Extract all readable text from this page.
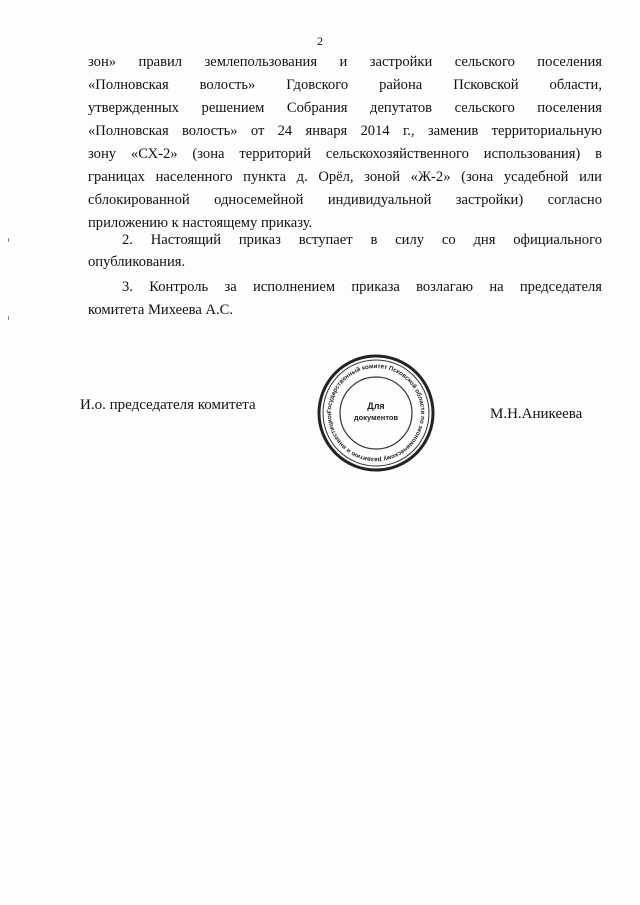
2
зон» правил землепользования и застройки сельского поселения
«Полновская волость» Гдовского района Псковской области,
утвержденных решением Собрания депутатов сельского поселения
«Полновская волость» от 24 января 2014 г., заменив территориальную
зону «СХ-2» (зона территорий сельскохозяйственного использования) в
границах населенного пункта д. Орёл, зоной «Ж-2» (зона усадебной или
сблокированной односемейной индивидуальной застройки) согласно
приложению к настоящему приказу.
2. Настоящий приказ вступает в силу со дня официального
опубликования.
3. Контроль за исполнением приказа возлагаю на председателя
комитета Михеева А.С.
И.о. председателя комитета	Государственный комитет Псковской области по экономическому развитию и инвестицион
Для
документов	М.Н.Аникеева
